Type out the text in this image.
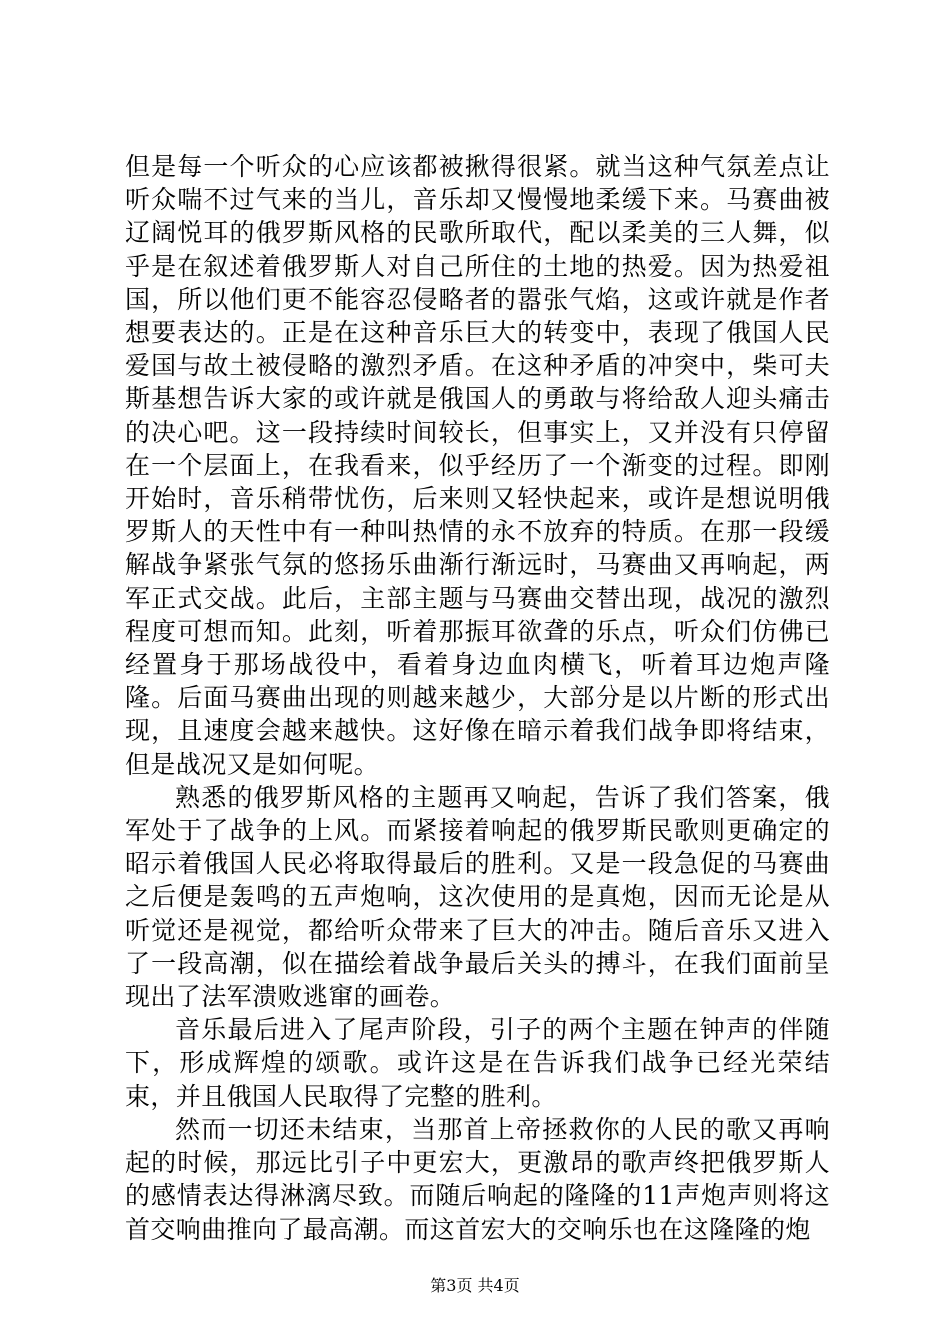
但是每一个听众的心应该都被揪得很紧。就当这种气氛差点让听众喘不过气来的当儿，音乐却又慢慢地柔缓下来。马赛曲被辽阔悦耳的俄罗斯风格的民歌所取代，配以柔美的三人舞，似乎是在叙述着俄罗斯人对自己所住的土地的热爱。因为热爱祖国，所以他们更不能容忍侵略者的嚣张气焰，这或许就是作者想要表达的。正是在这种音乐巨大的转变中，表现了俄国人民爱国与故土被侵略的激烈矛盾。在这种矛盾的冲突中，柴可夫斯基想告诉大家的或许就是俄国人的勇敢与将给敌人迎头痛击的决心吧。这一段持续时间较长，但事实上，又并没有只停留在一个层面上，在我看来，似乎经历了一个渐变的过程。即刚开始时，音乐稍带忧伤，后来则又轻快起来，或许是想说明俄罗斯人的天性中有一种叫热情的永不放弃的特质。在那一段缓解战争紧张气氛的悠扬乐曲渐行渐远时，马赛曲又再响起，两军正式交战。此后，主部主题与马赛曲交替出现，战况的激烈程度可想而知。此刻，听着那振耳欲聋的乐点，听众们仿佛已经置身于那场战役中，看着身边血肉横飞，听着耳边炮声隆隆。后面马赛曲出现的则越来越少，大部分是以片断的形式出现，且速度会越来越快。这好像在暗示着我们战争即将结束，但是战况又是如何呢。

熟悉的俄罗斯风格的主题再又响起，告诉了我们答案，俄军处于了战争的上风。而紧接着响起的俄罗斯民歌则更确定的昭示着俄国人民必将取得最后的胜利。又是一段急促的马赛曲之后便是轰鸣的五声炮响，这次使用的是真炮，因而无论是从听觉还是视觉，都给听众带来了巨大的冲击。随后音乐又进入了一段高潮，似在描绘着战争最后关头的搏斗，在我们面前呈现出了法军溃败逃窜的画卷。

音乐最后进入了尾声阶段，引子的两个主题在钟声的伴随下，形成辉煌的颂歌。或许这是在告诉我们战争已经光荣结束，并且俄国人民取得了完整的胜利。

然而一切还未结束，当那首上帝拯救你的人民的歌又再响起的时候，那远比引子中更宏大，更激昂的歌声终把俄罗斯人的感情表达得淋漓尽致。而随后响起的隆隆的11声炮声则将这首交响曲推向了最高潮。而这首宏大的交响乐也在这隆隆的炮

第3页 共4页
